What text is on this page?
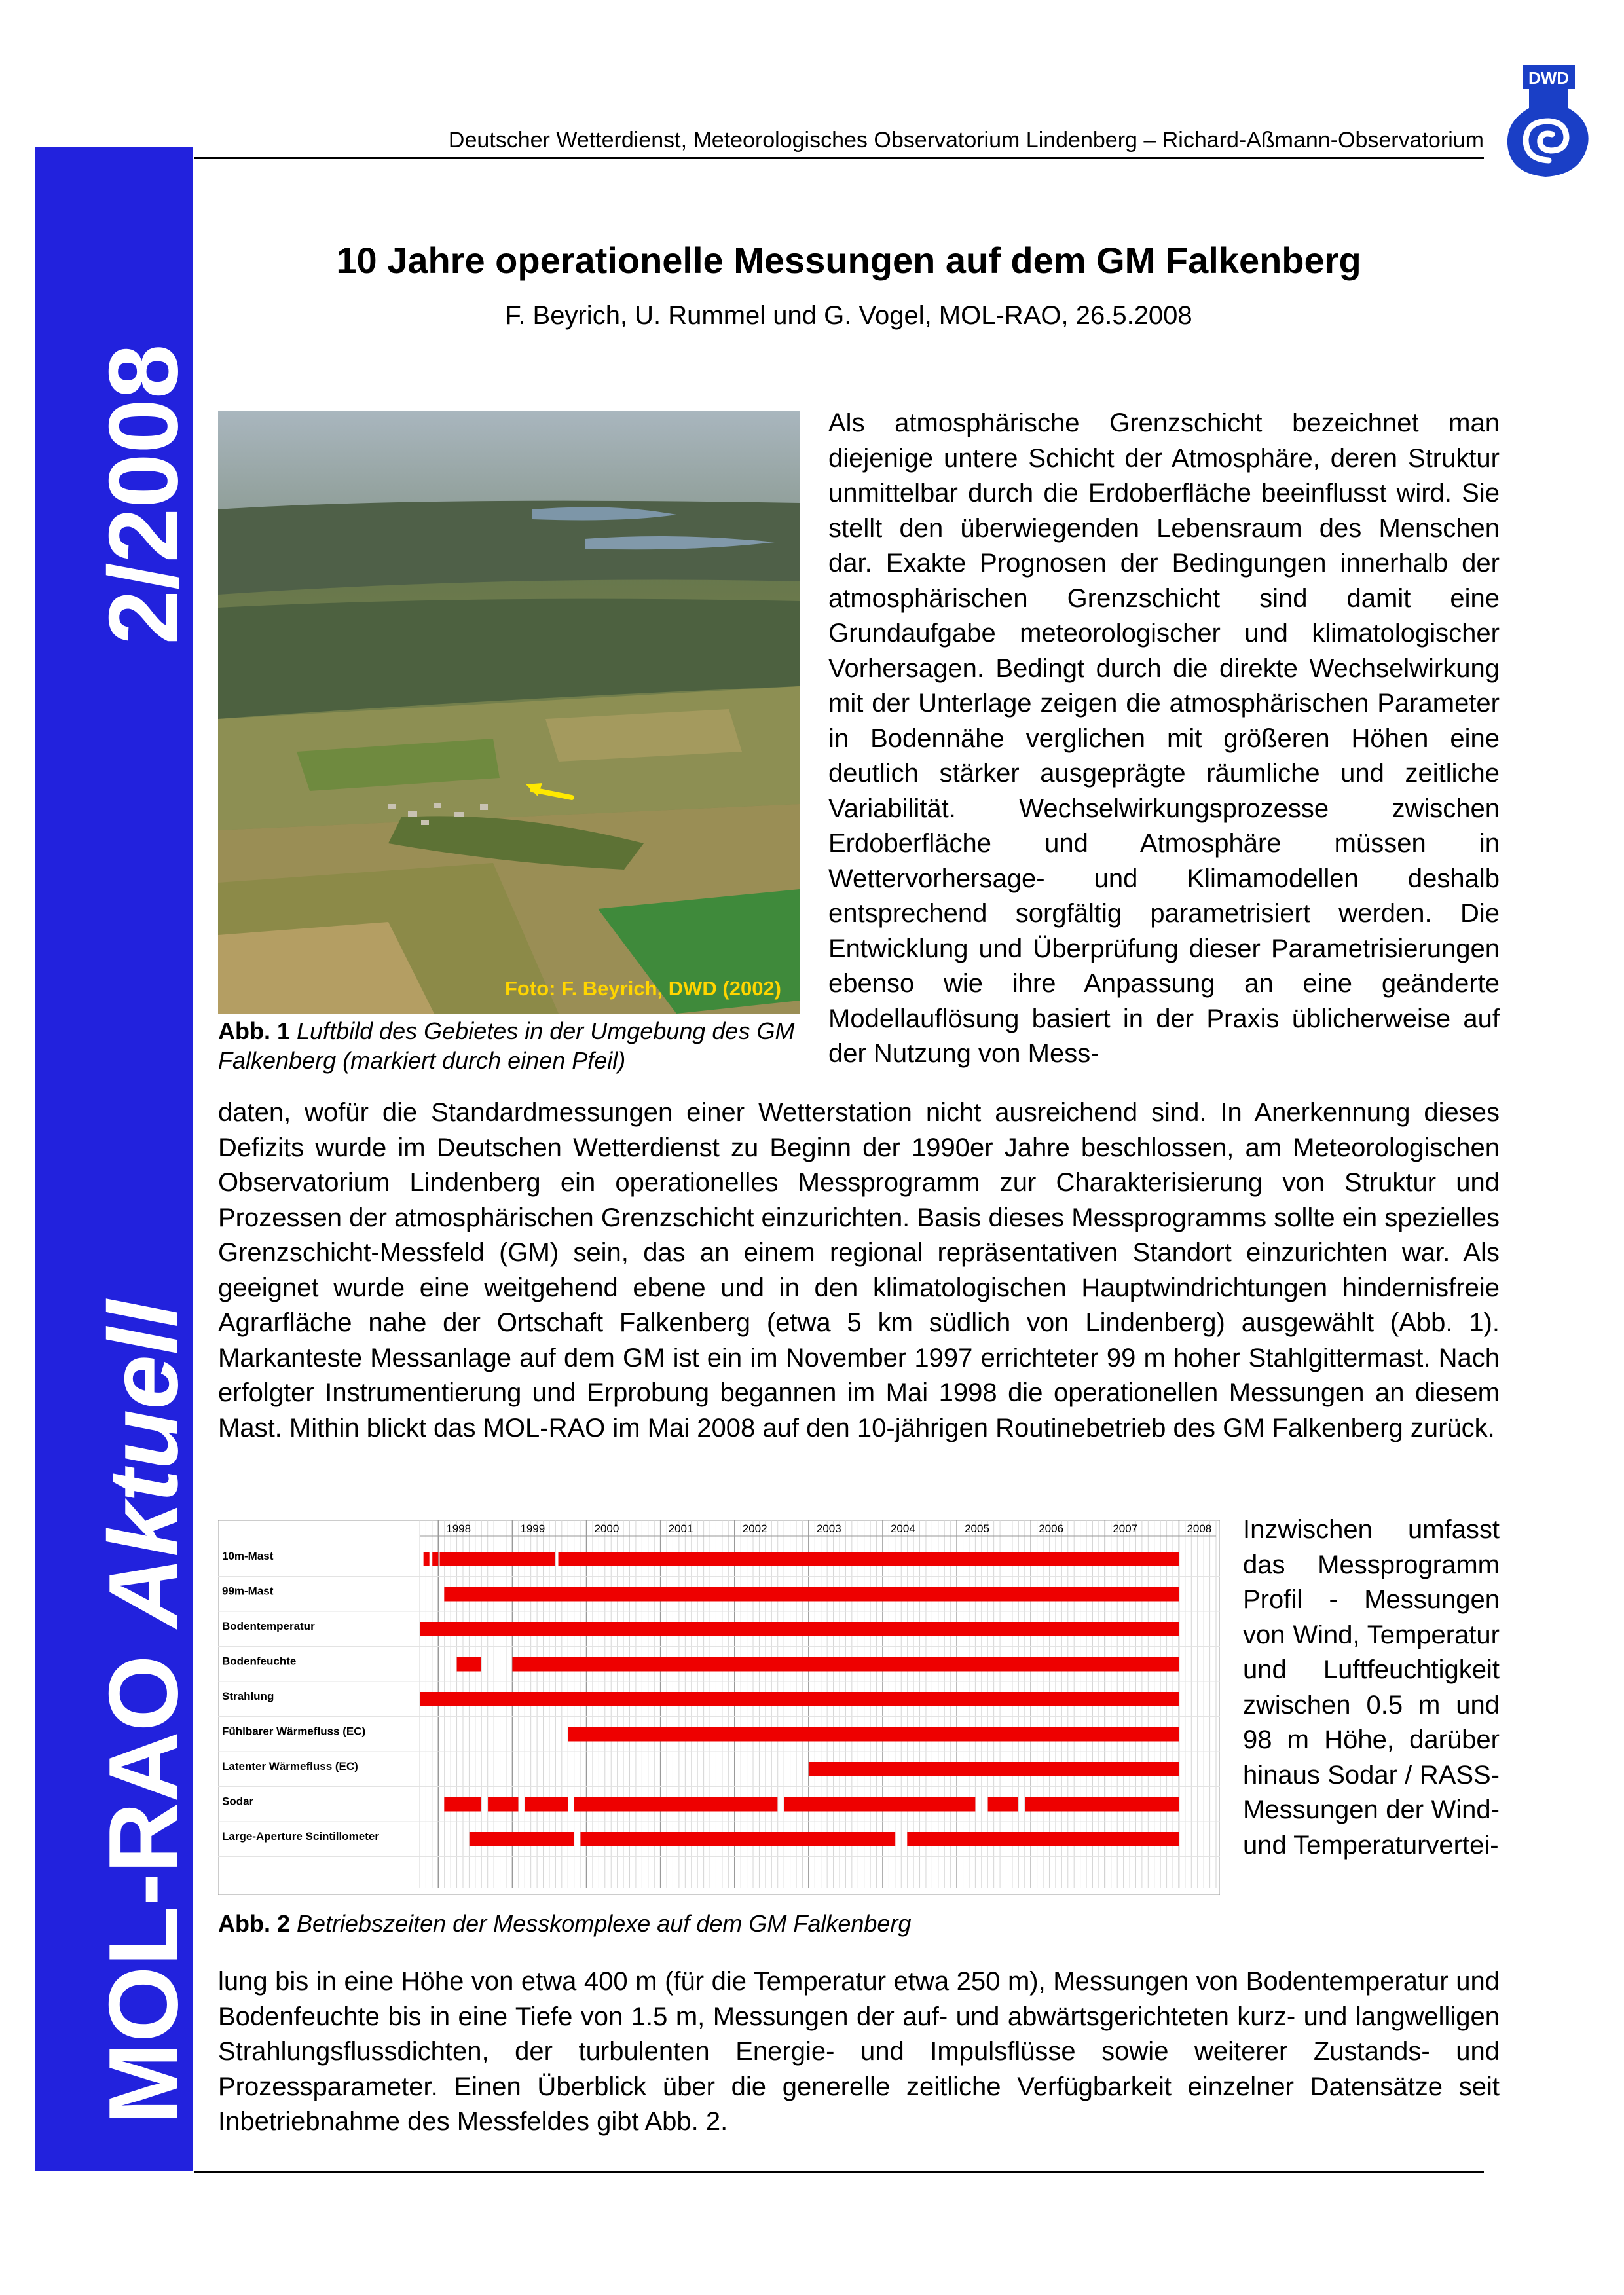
2/2008
MOL-RAO Aktuell
Deutscher Wetterdienst, Meteorologisches Observatorium Lindenberg – Richard-Aßmann-Observatorium
DWD
10 Jahre operationelle Messungen auf dem GM Falkenberg
F. Beyrich, U. Rummel und G. Vogel, MOL-RAO, 26.5.2008
Foto: F. Beyrich, DWD (2002)
Abb. 1 Luftbild des Gebietes in der Umgebung des GM Falkenberg (markiert durch einen Pfeil)
Als atmosphärische Grenzschicht bezeichnet man diejenige untere Schicht der Atmosphäre, deren Struktur unmittelbar durch die Erdoberfläche beeinflusst wird. Sie stellt den überwiegenden Lebensraum des Menschen dar. Exakte Prognosen der Bedingungen innerhalb der atmosphärischen Grenzschicht sind damit eine Grundaufgabe meteorologischer und klimatologischer Vorhersagen. Bedingt durch die direkte Wechselwirkung mit der Unterlage zeigen die atmosphärischen Parameter in Bodennähe verglichen mit größeren Höhen eine deutlich stärker ausgeprägte räumliche und zeitliche Variabilität. Wechselwirkungsprozesse zwischen Erdoberfläche und Atmosphäre müssen in Wettervorhersage- und Klimamodellen deshalb entsprechend sorgfältig parametrisiert werden. Die Entwicklung und Überprüfung dieser Parametrisierungen ebenso wie ihre Anpassung an eine geänderte Modellauflösung basiert in der Praxis üblicherweise auf der Nutzung von Mess-
daten, wofür die Standardmessungen einer Wetterstation nicht ausreichend sind. In Anerkennung dieses Defizits wurde im Deutschen Wetterdienst zu Beginn der 1990er Jahre beschlossen, am Meteorologischen Observatorium Lindenberg ein operationelles Messprogramm zur Charakterisierung von Struktur und Prozessen der atmosphärischen Grenzschicht einzurichten. Basis dieses Messprogramms sollte ein spezielles Grenzschicht-Messfeld (GM) sein, das an einem regional repräsentativen Standort einzurichten war. Als geeignet wurde eine weitgehend ebene und in den klimatologischen Hauptwindrichtungen hindernisfreie Agrarfläche nahe der Ortschaft Falkenberg (etwa 5 km südlich von Lindenberg) ausgewählt (Abb. 1). Markanteste Messanlage auf dem GM ist ein im November 1997 errichteter 99 m hoher Stahlgittermast. Nach erfolgter Instrumentierung und Erprobung begannen im Mai 1998 die operationellen Messungen an diesem Mast. Mithin blickt das MOL-RAO im Mai 2008 auf den 10-jährigen Routinebetrieb des GM Falkenberg zurück.
1998	1999	2000	2001	2002	2003	2004	2005	2006	2007	2008
10m-Mast
99m-Mast
Bodentemperatur
Bodenfeuchte
Strahlung
Fühlbarer Wärmefluss (EC)
Latenter Wärmefluss (EC)
Sodar
Large-Aperture Scintillometer
Abb. 2 Betriebszeiten der Messkomplexe auf dem GM Falkenberg
Inzwischen umfasst das Messprogramm Profil - Messungen von Wind, Temperatur und Luftfeuchtigkeit zwischen 0.5 m und 98 m Höhe, darüber hinaus Sodar / RASS-Messungen der Wind- und Temperaturvertei-
lung bis in eine Höhe von etwa 400 m (für die Temperatur etwa 250 m), Messungen von Bodentemperatur und Bodenfeuchte bis in eine Tiefe von 1.5 m, Messungen der auf- und abwärtsgerichteten kurz- und langwelligen Strahlungsflussdichten, der turbulenten Energie- und Impulsflüsse sowie weiterer Zustands- und Prozessparameter. Einen Überblick über die generelle zeitliche Verfügbarkeit einzelner Datensätze seit Inbetriebnahme des Messfeldes gibt Abb. 2.
